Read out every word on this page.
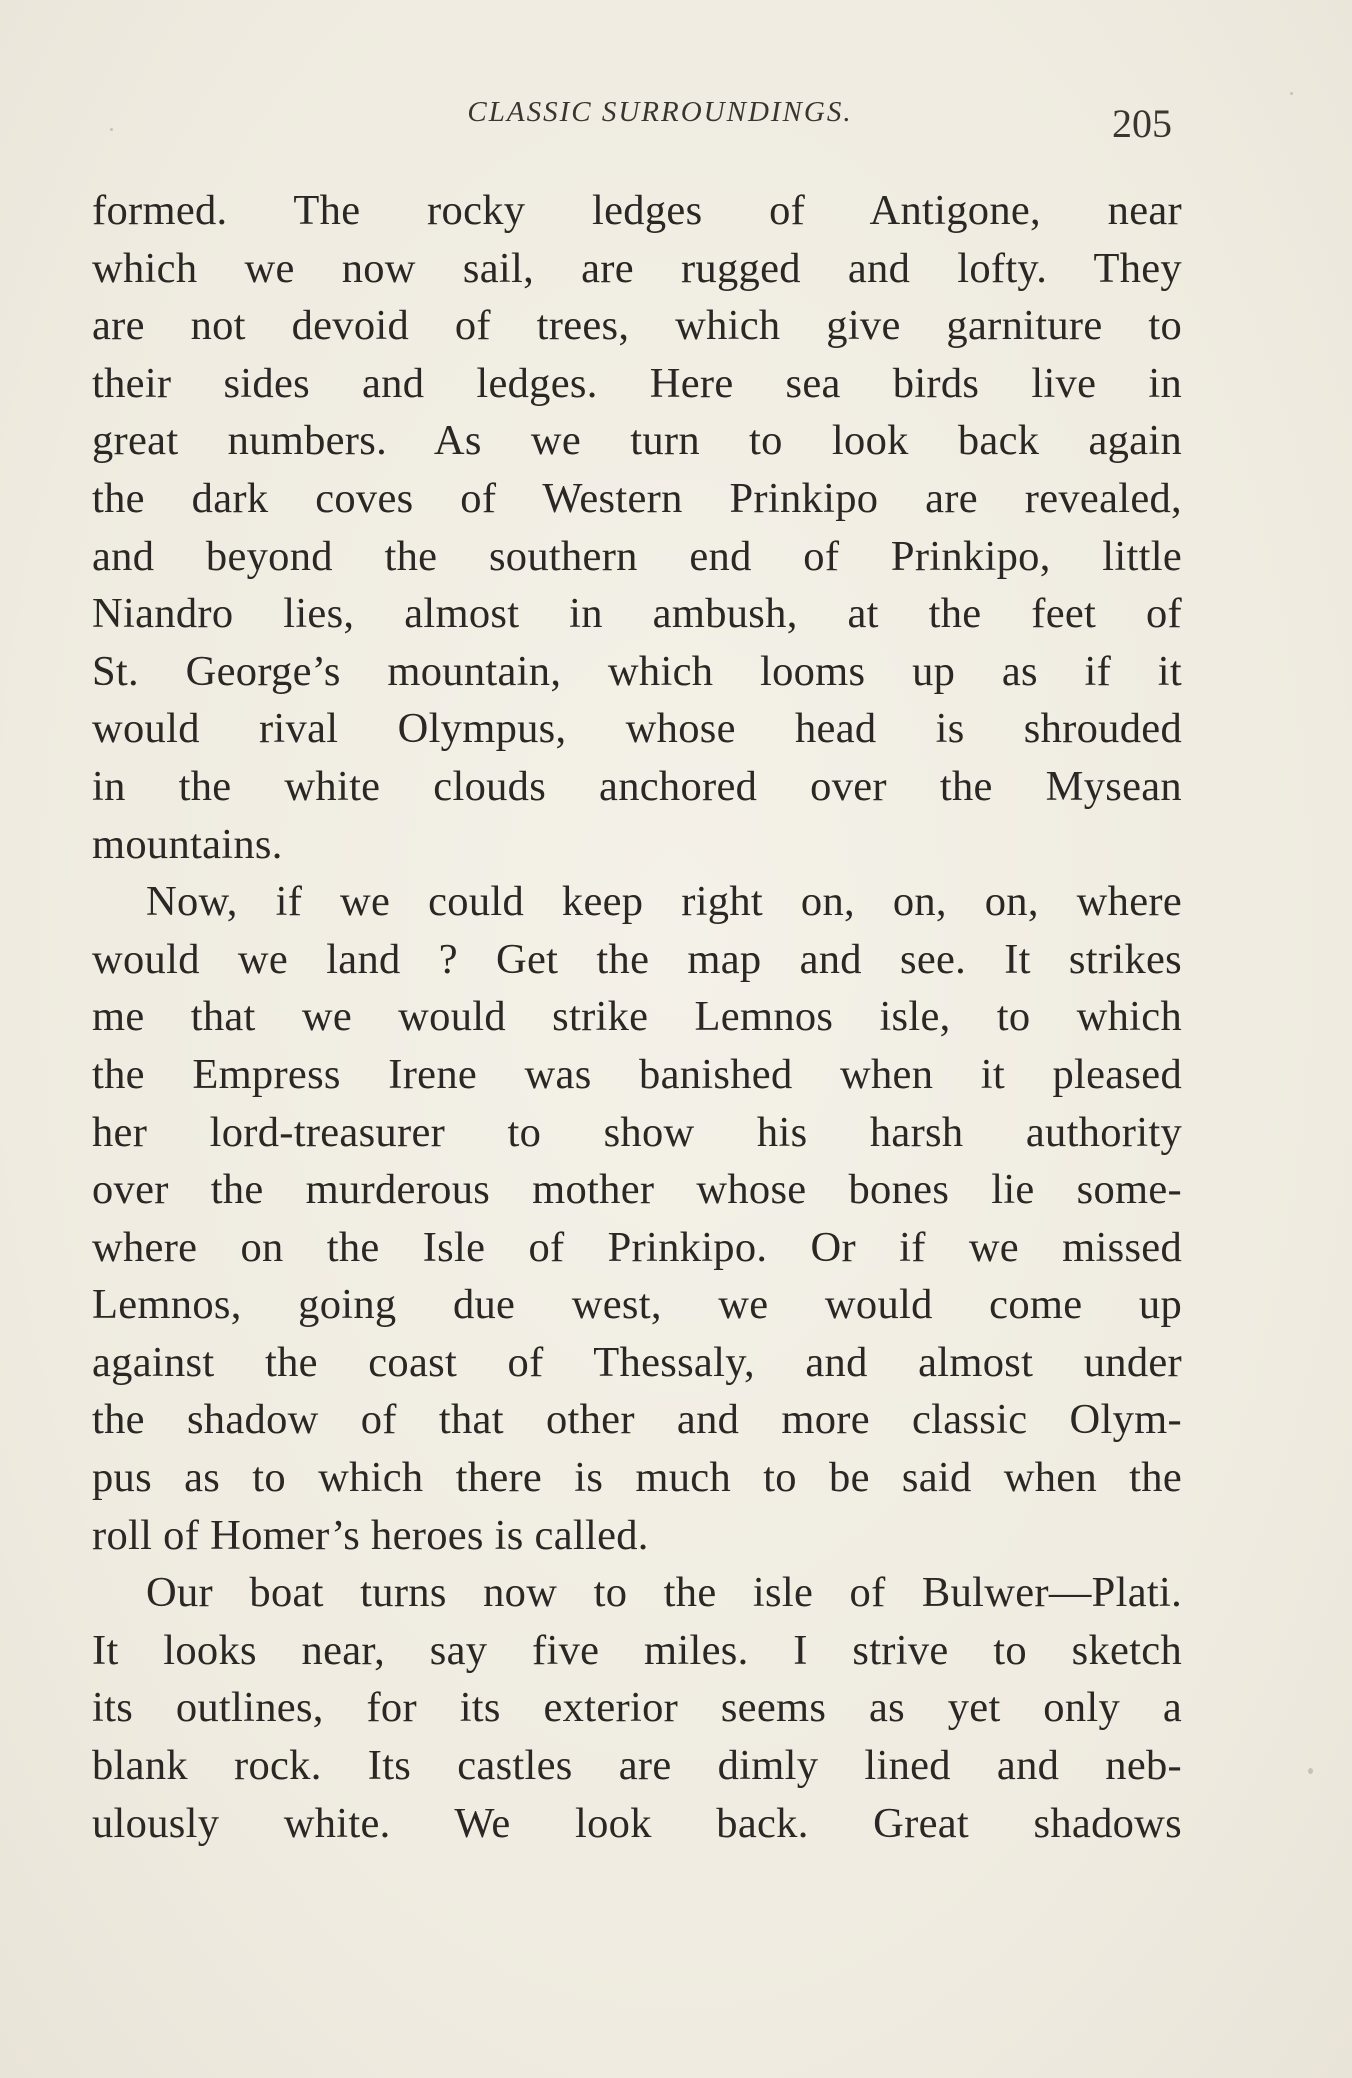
CLASSIC SURROUNDINGS.	205
formed. The rocky ledges of Antigone, near
which we now sail, are rugged and lofty. They
are not devoid of trees, which give garniture to
their sides and ledges. Here sea birds live in
great numbers. As we turn to look back again
the dark coves of Western Prinkipo are revealed,
and beyond the southern end of Prinkipo, little
Niandro lies, almost in ambush, at the feet of
St. George’s mountain, which looms up as if it
would rival Olympus, whose head is shrouded
in the white clouds anchored over the Mysean
mountains.
Now, if we could keep right on, on, on, where
would we land ? Get the map and see. It strikes
me that we would strike Lemnos isle, to which
the Empress Irene was banished when it pleased
her lord-treasurer to show his harsh authority
over the murderous mother whose bones lie some-
where on the Isle of Prinkipo. Or if we missed
Lemnos, going due west, we would come up
against the coast of Thessaly, and almost under
the shadow of that other and more classic Olym-
pus as to which there is much to be said when the
roll of Homer’s heroes is called.
Our boat turns now to the isle of Bulwer—Plati.
It looks near, say five miles. I strive to sketch
its outlines, for its exterior seems as yet only a
blank rock. Its castles are dimly lined and neb-
ulously white. We look back. Great shadows
